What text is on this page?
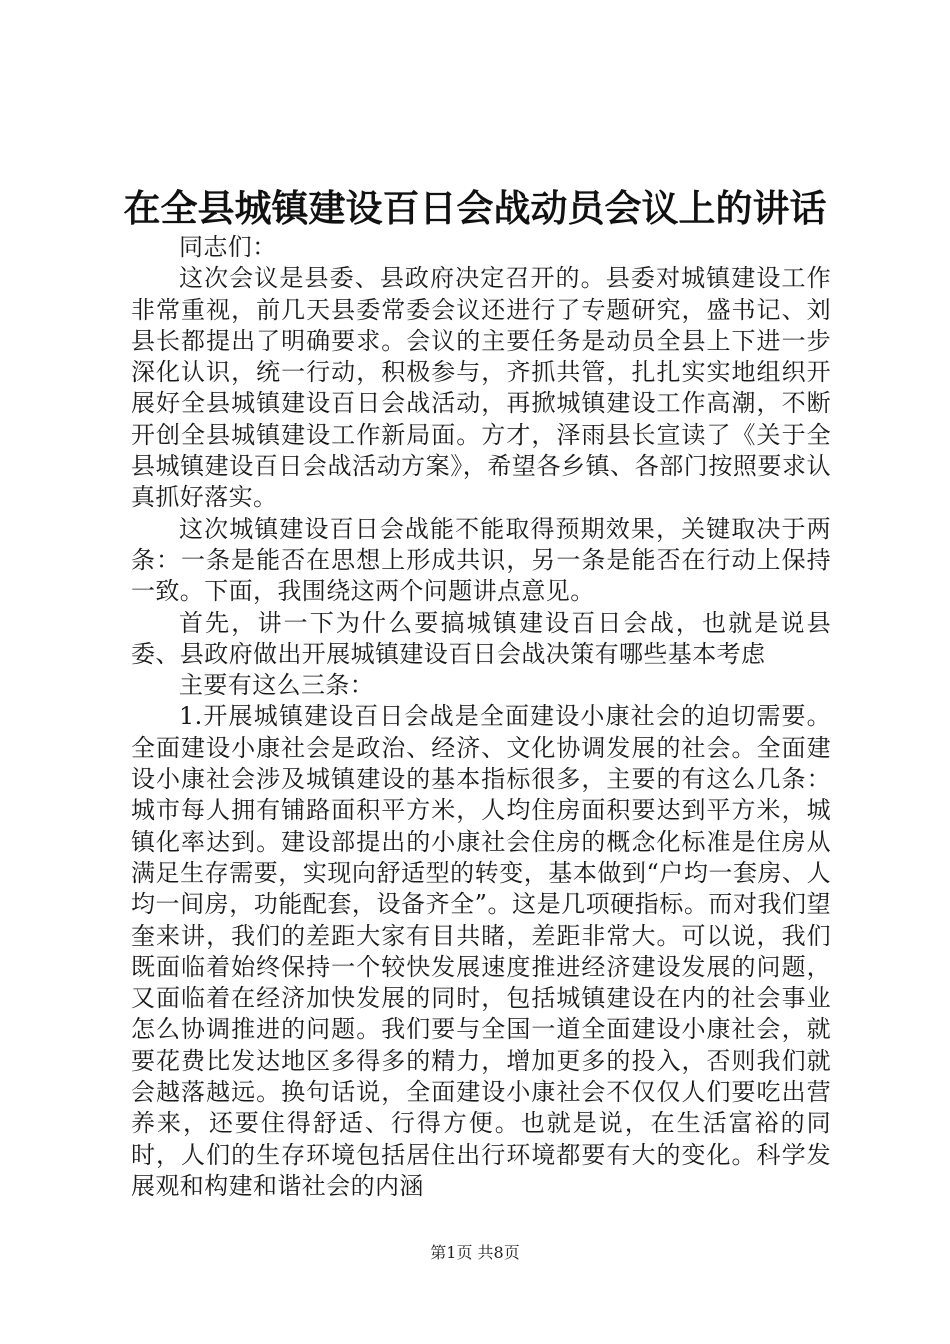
在全县城镇建设百日会战动员会议上的讲话

同志们：

这次会议是县委、县政府决定召开的。县委对城镇建设工作非常重视，前几天县委常委会议还进行了专题研究，盛书记、刘县长都提出了明确要求。会议的主要任务是动员全县上下进一步深化认识，统一行动，积极参与，齐抓共管，扎扎实实地组织开展好全县城镇建设百日会战活动，再掀城镇建设工作高潮，不断开创全县城镇建设工作新局面。方才，泽雨县长宣读了《关于全县城镇建设百日会战活动方案》，希望各乡镇、各部门按照要求认真抓好落实。

这次城镇建设百日会战能不能取得预期效果，关键取决于两条：一条是能否在思想上形成共识，另一条是能否在行动上保持一致。下面，我围绕这两个问题讲点意见。

首先，讲一下为什么要搞城镇建设百日会战，也就是说县委、县政府做出开展城镇建设百日会战决策有哪些基本考虑

主要有这么三条：

1.开展城镇建设百日会战是全面建设小康社会的迫切需要。全面建设小康社会是政治、经济、文化协调发展的社会。全面建设小康社会涉及城镇建设的基本指标很多，主要的有这么几条：城市每人拥有铺路面积平方米，人均住房面积要达到平方米，城镇化率达到。建设部提出的小康社会住房的概念化标准是住房从满足生存需要，实现向舒适型的转变，基本做到“户均一套房、人均一间房，功能配套，设备齐全”。这是几项硬指标。而对我们望奎来讲，我们的差距大家有目共睹，差距非常大。可以说，我们既面临着始终保持一个较快发展速度推进经济建设发展的问题，又面临着在经济加快发展的同时，包括城镇建设在内的社会事业怎么协调推进的问题。我们要与全国一道全面建设小康社会，就要花费比发达地区多得多的精力，增加更多的投入，否则我们就会越落越远。换句话说，全面建设小康社会不仅仅人们要吃出营养来，还要住得舒适、行得方便。也就是说，在生活富裕的同时，人们的生存环境包括居住出行环境都要有大的变化。科学发展观和构建和谐社会的内涵

第1页 共8页
